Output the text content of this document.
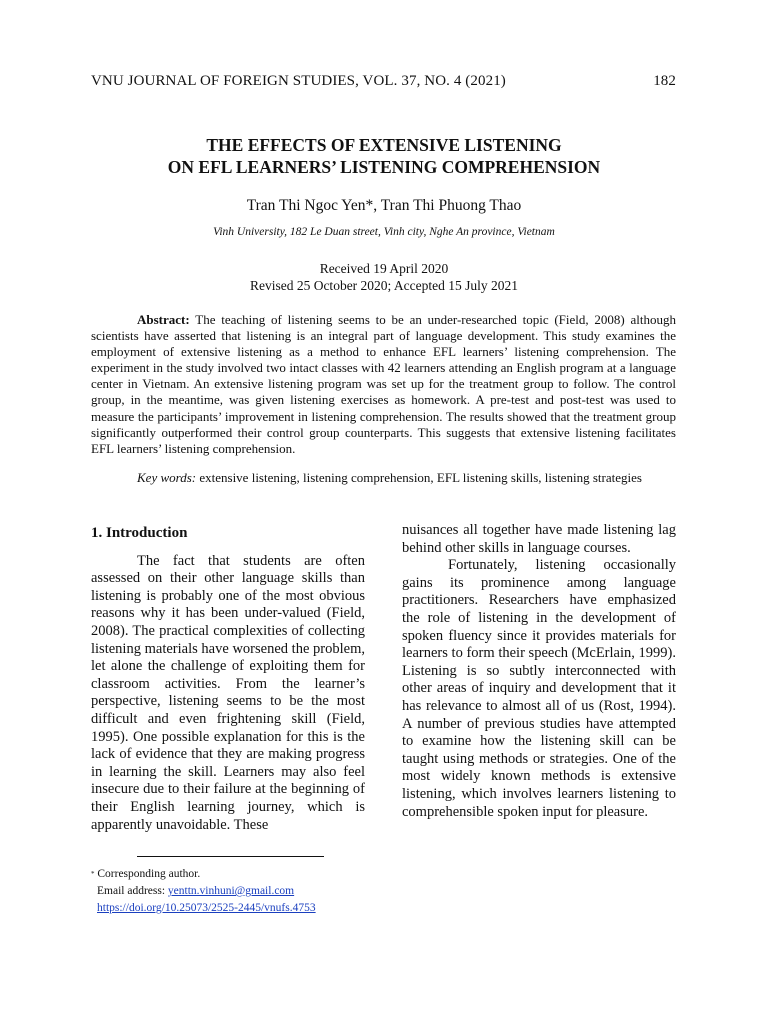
VNU JOURNAL OF FOREIGN STUDIES, VOL. 37, NO. 4 (2021)	182
THE EFFECTS OF EXTENSIVE LISTENING
ON EFL LEARNERS’ LISTENING COMPREHENSION
Tran Thi Ngoc Yen*, Tran Thi Phuong Thao
Vinh University, 182 Le Duan street, Vinh city, Nghe An province, Vietnam
Received 19 April 2020
Revised 25 October 2020; Accepted 15 July 2021
Abstract: The teaching of listening seems to be an under-researched topic (Field, 2008) although scientists have asserted that listening is an integral part of language development. This study examines the employment of extensive listening as a method to enhance EFL learners’ listening comprehension. The experiment in the study involved two intact classes with 42 learners attending an English program at a language center in Vietnam. An extensive listening program was set up for the treatment group to follow. The control group, in the meantime, was given listening exercises as homework. A pre-test and post-test was used to measure the participants’ improvement in listening comprehension. The results showed that the treatment group significantly outperformed their control group counterparts. This suggests that extensive listening facilitates EFL learners’ listening comprehension.
Key words: extensive listening, listening comprehension, EFL listening skills, listening strategies
1. Introduction

The fact that students are often assessed on their other language skills than listening is probably one of the most obvious reasons why it has been under-valued (Field, 2008). The practical complexities of collecting listening materials have worsened the problem, let alone the challenge of exploiting them for classroom activities. From the learner’s perspective, listening seems to be the most difficult and even frightening skill (Field, 1995). One possible explanation for this is the lack of evidence that they are making progress in learning the skill. Learners may also feel insecure due to their failure at the beginning of their English learning journey, which is apparently unavoidable. These

nuisances all together have made listening lag behind other skills in language courses.

Fortunately, listening occasionally gains its prominence among language practitioners. Researchers have emphasized the role of listening in the development of spoken fluency since it provides materials for learners to form their speech (McErlain, 1999). Listening is so subtly interconnected with other areas of inquiry and development that it has relevance to almost all of us (Rost, 1994). A number of previous studies have attempted to examine how the listening skill can be taught using methods or strategies. One of the most widely known methods is extensive listening, which involves learners listening to comprehensible spoken input for pleasure.

* Corresponding author.
Email address: yenttn.vinhuni@gmail.com
https://doi.org/10.25073/2525-2445/vnufs.4753
